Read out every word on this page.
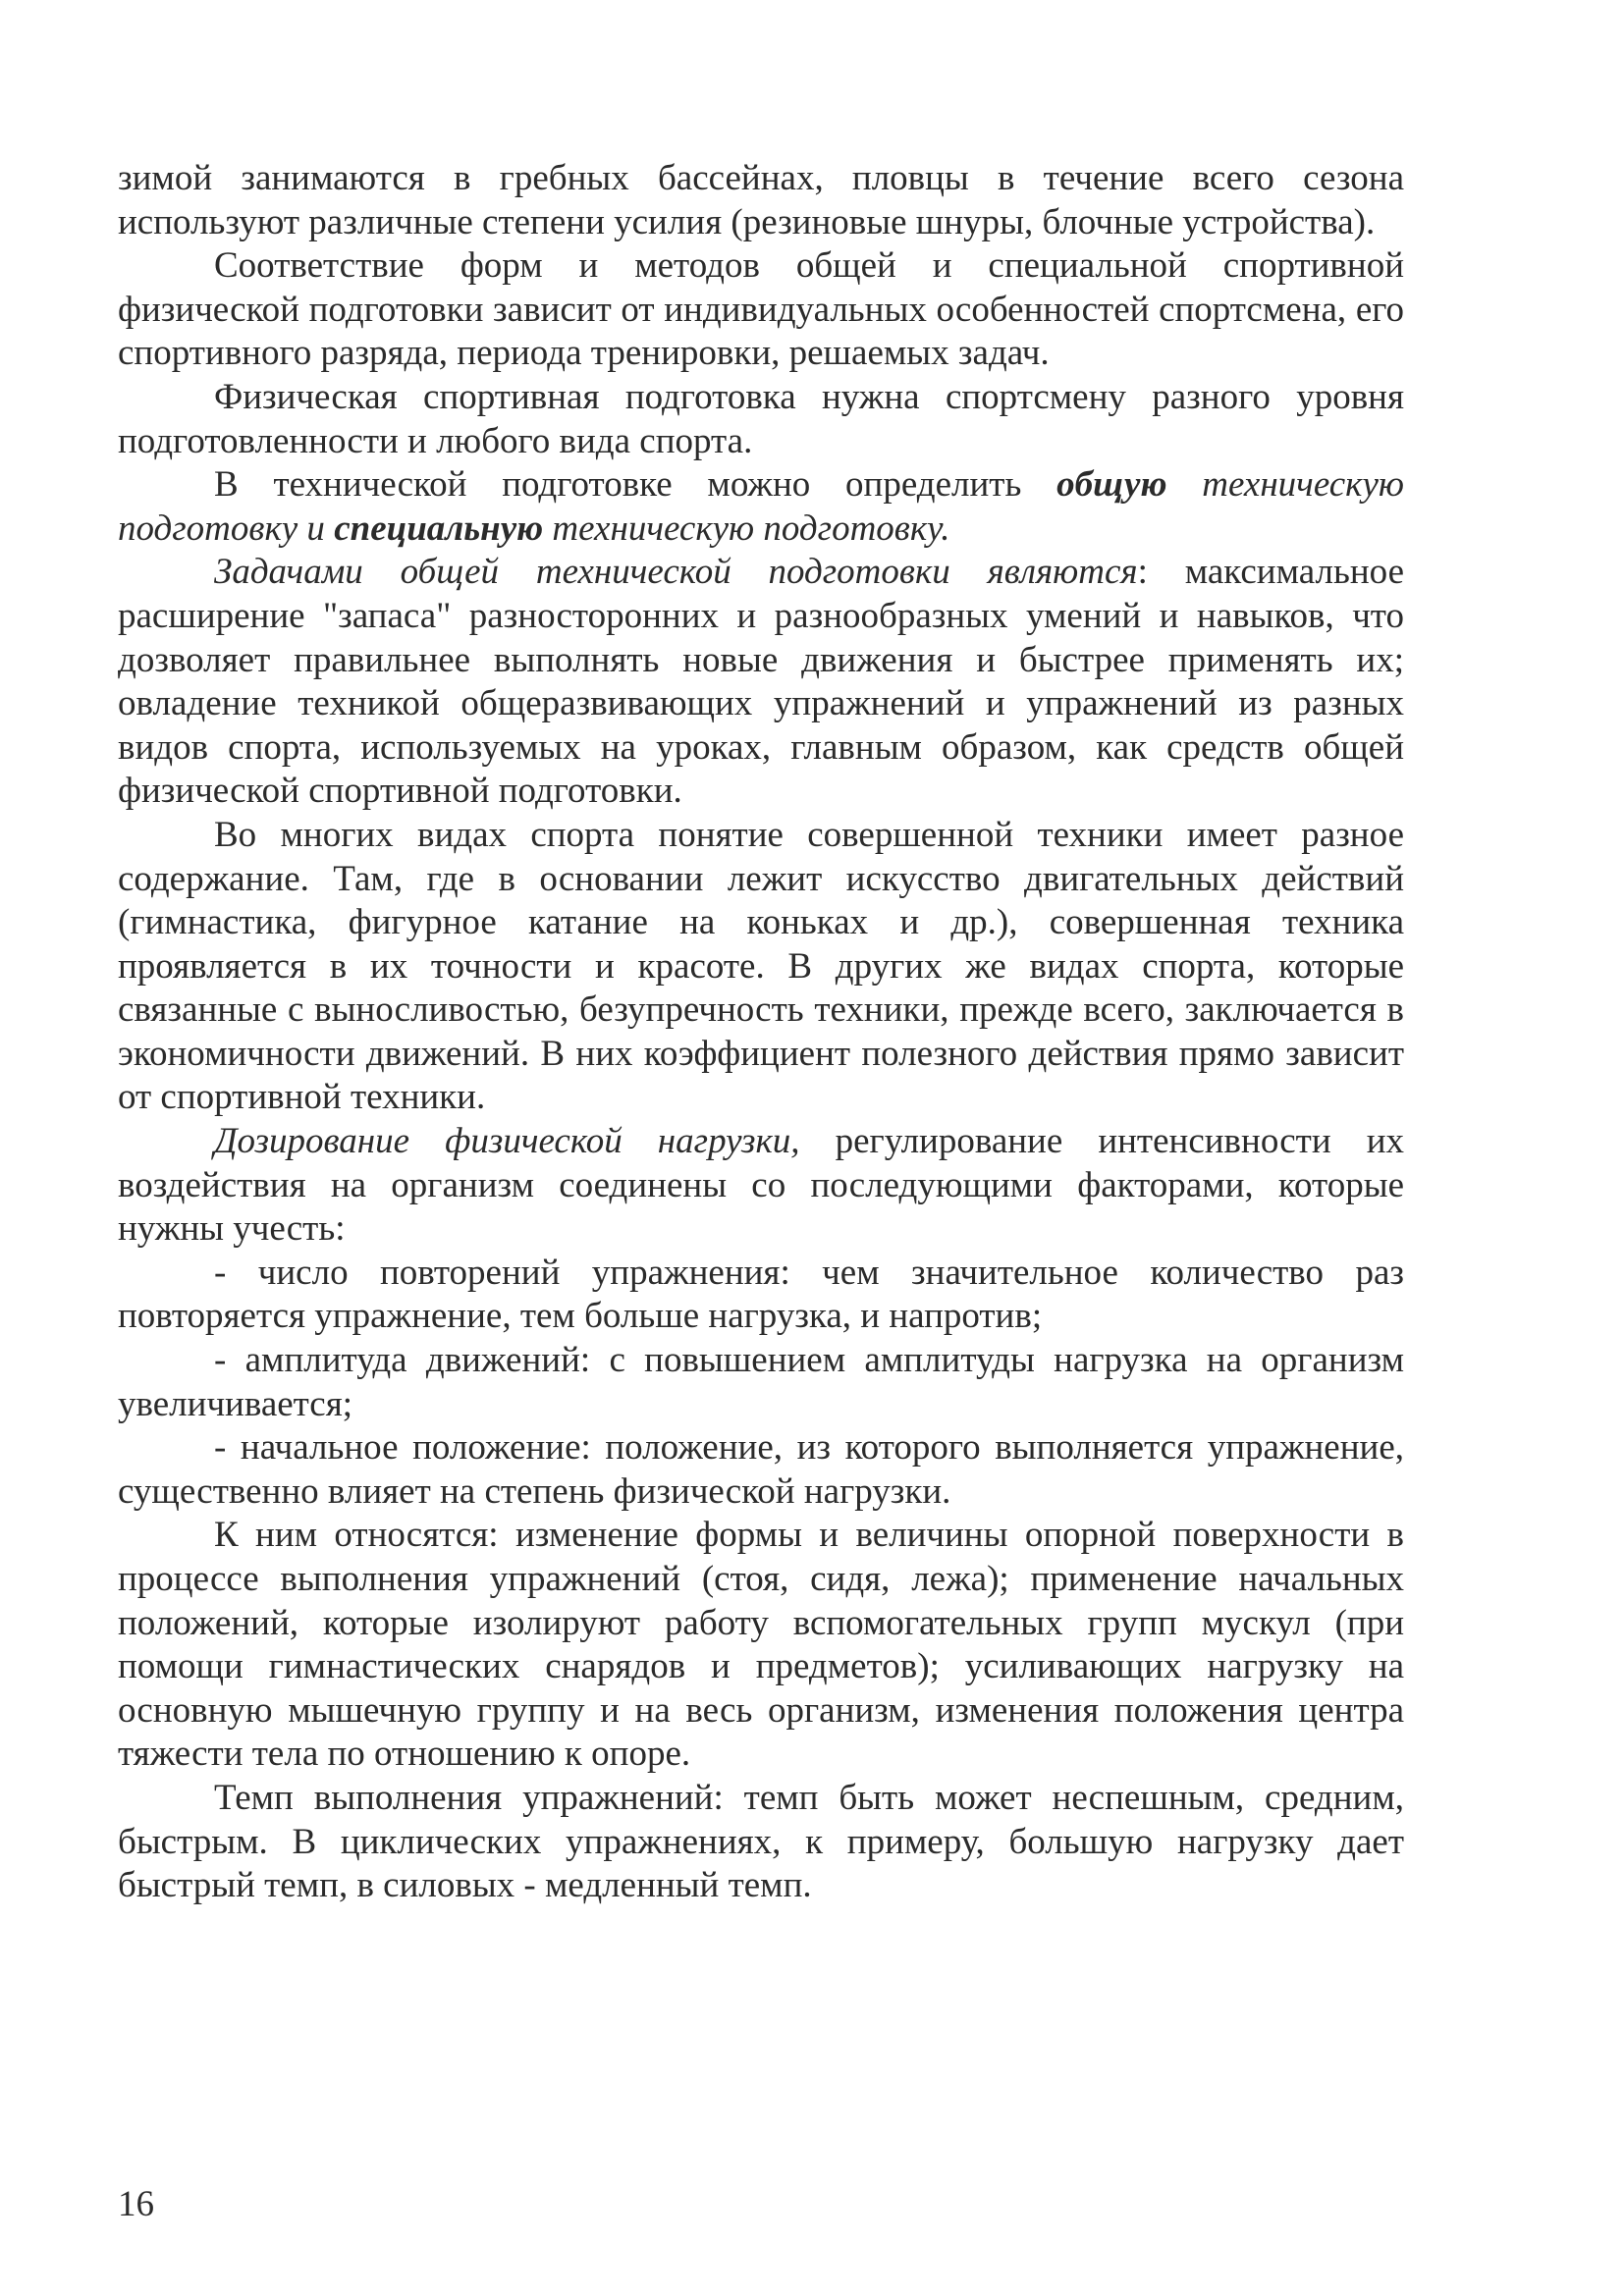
зимой занимаются в гребных бассейнах, пловцы в течение всего сезона используют различные степени усилия (резиновые шнуры, блочные устройства).

Соответствие форм и методов общей и специальной спортивной физической подготовки зависит от индивидуальных особенностей спортсмена, его спортивного разряда, периода тренировки, решаемых задач.

Физическая спортивная подготовка нужна спортсмену разного уровня подготовленности и любого вида спорта.

В технической подготовке можно определить общую техническую подготовку и специальную техническую подготовку.

Задачами общей технической подготовки являются: максимальное расширение "запаса" разносторонних и разнообразных умений и навыков, что дозволяет правильнее выполнять новые движения и быстрее применять их; овладение техникой общеразвивающих упражнений и упражнений из разных видов спорта, используемых на уроках, главным образом, как средств общей физической спортивной подготовки.

Во многих видах спорта понятие совершенной техники имеет разное содержание. Там, где в основании лежит искусство двигательных действий (гимнастика, фигурное катание на коньках и др.), совершенная техника проявляется в их точности и красоте. В других же видах спорта, которые связанные с выносливостью, безупречность техники, прежде всего, заключается в экономичности движений. В них коэффициент полезного действия прямо зависит от спортивной техники.

Дозирование физической нагрузки, регулирование интенсивности их воздействия на организм соединены со последующими факторами, которые нужны учесть:

- число повторений упражнения: чем значительное количество раз повторяется упражнение, тем больше нагрузка, и напротив;

- амплитуда движений: с повышением амплитуды нагрузка на организм увеличивается;

- начальное положение: положение, из которого выполняется упражнение, существенно влияет на степень физической нагрузки.

К ним относятся: изменение формы и величины опорной поверхности в процессе выполнения упражнений (стоя, сидя, лежа); применение начальных положений, которые изолируют работу вспомогательных групп мускул (при помощи гимнастических снарядов и предметов); усиливающих нагрузку на основную мышечную группу и на весь организм, изменения положения центра тяжести тела по отношению к опоре.

Темп выполнения упражнений: темп быть может неспешным, средним, быстрым. В циклических упражнениях, к примеру, большую нагрузку дает быстрый темп, в силовых - медленный темп.

16
